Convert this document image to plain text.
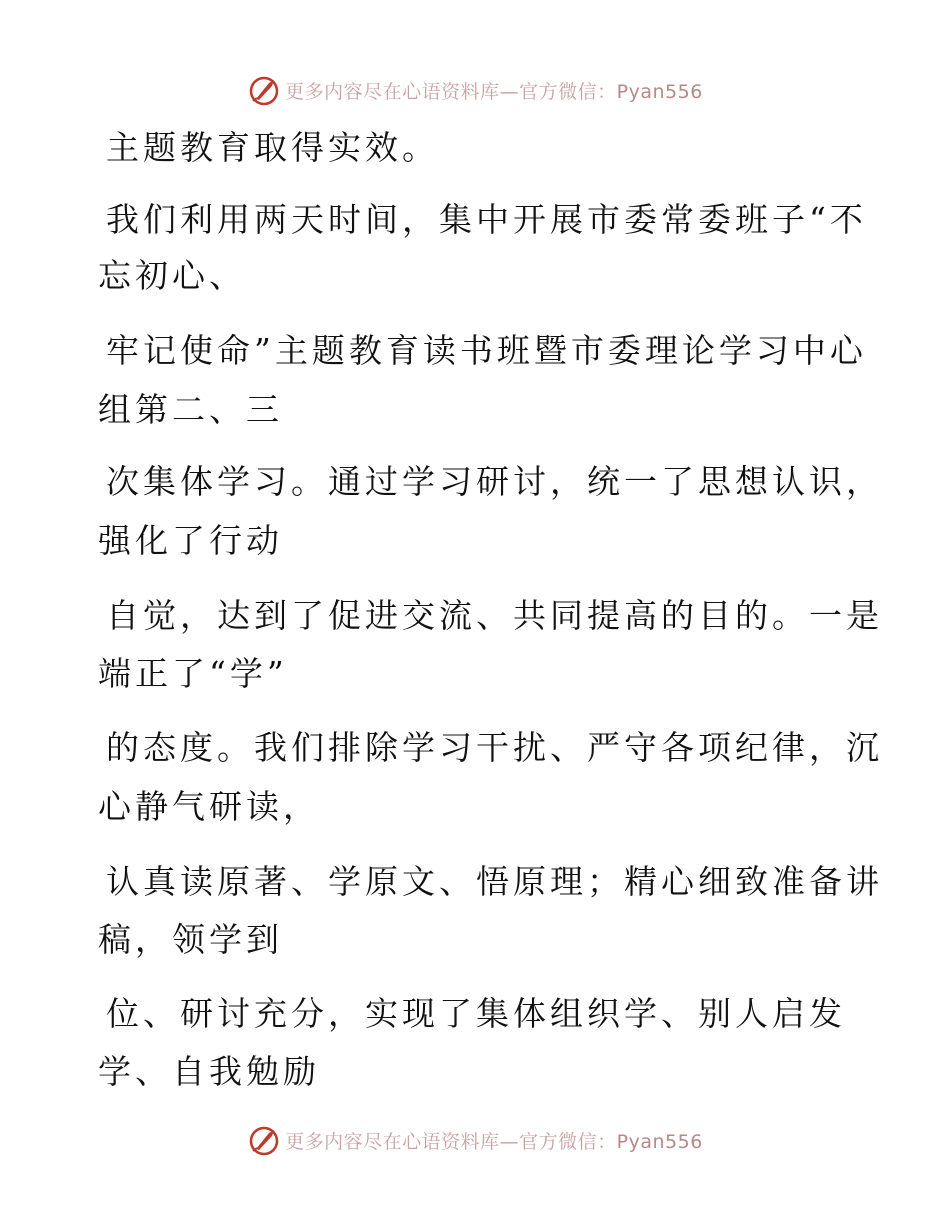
更多内容尽在心语资料库—官方微信：Pyan556
主题教育取得实效。
我们利用两天时间，集中开展市委常委班子“不
忘初心、
牢记使命”主题教育读书班暨市委理论学习中心
组第二、三
次集体学习。通过学习研讨，统一了思想认识，
强化了行动
自觉，达到了促进交流、共同提高的目的。一是
端正了“学”
的态度。我们排除学习干扰、严守各项纪律，沉
心静气研读，
认真读原著、学原文、悟原理；精心细致准备讲
稿，领学到
位、研讨充分，实现了集体组织学、别人启发
学、自我勉励
更多内容尽在心语资料库—官方微信：Pyan556
